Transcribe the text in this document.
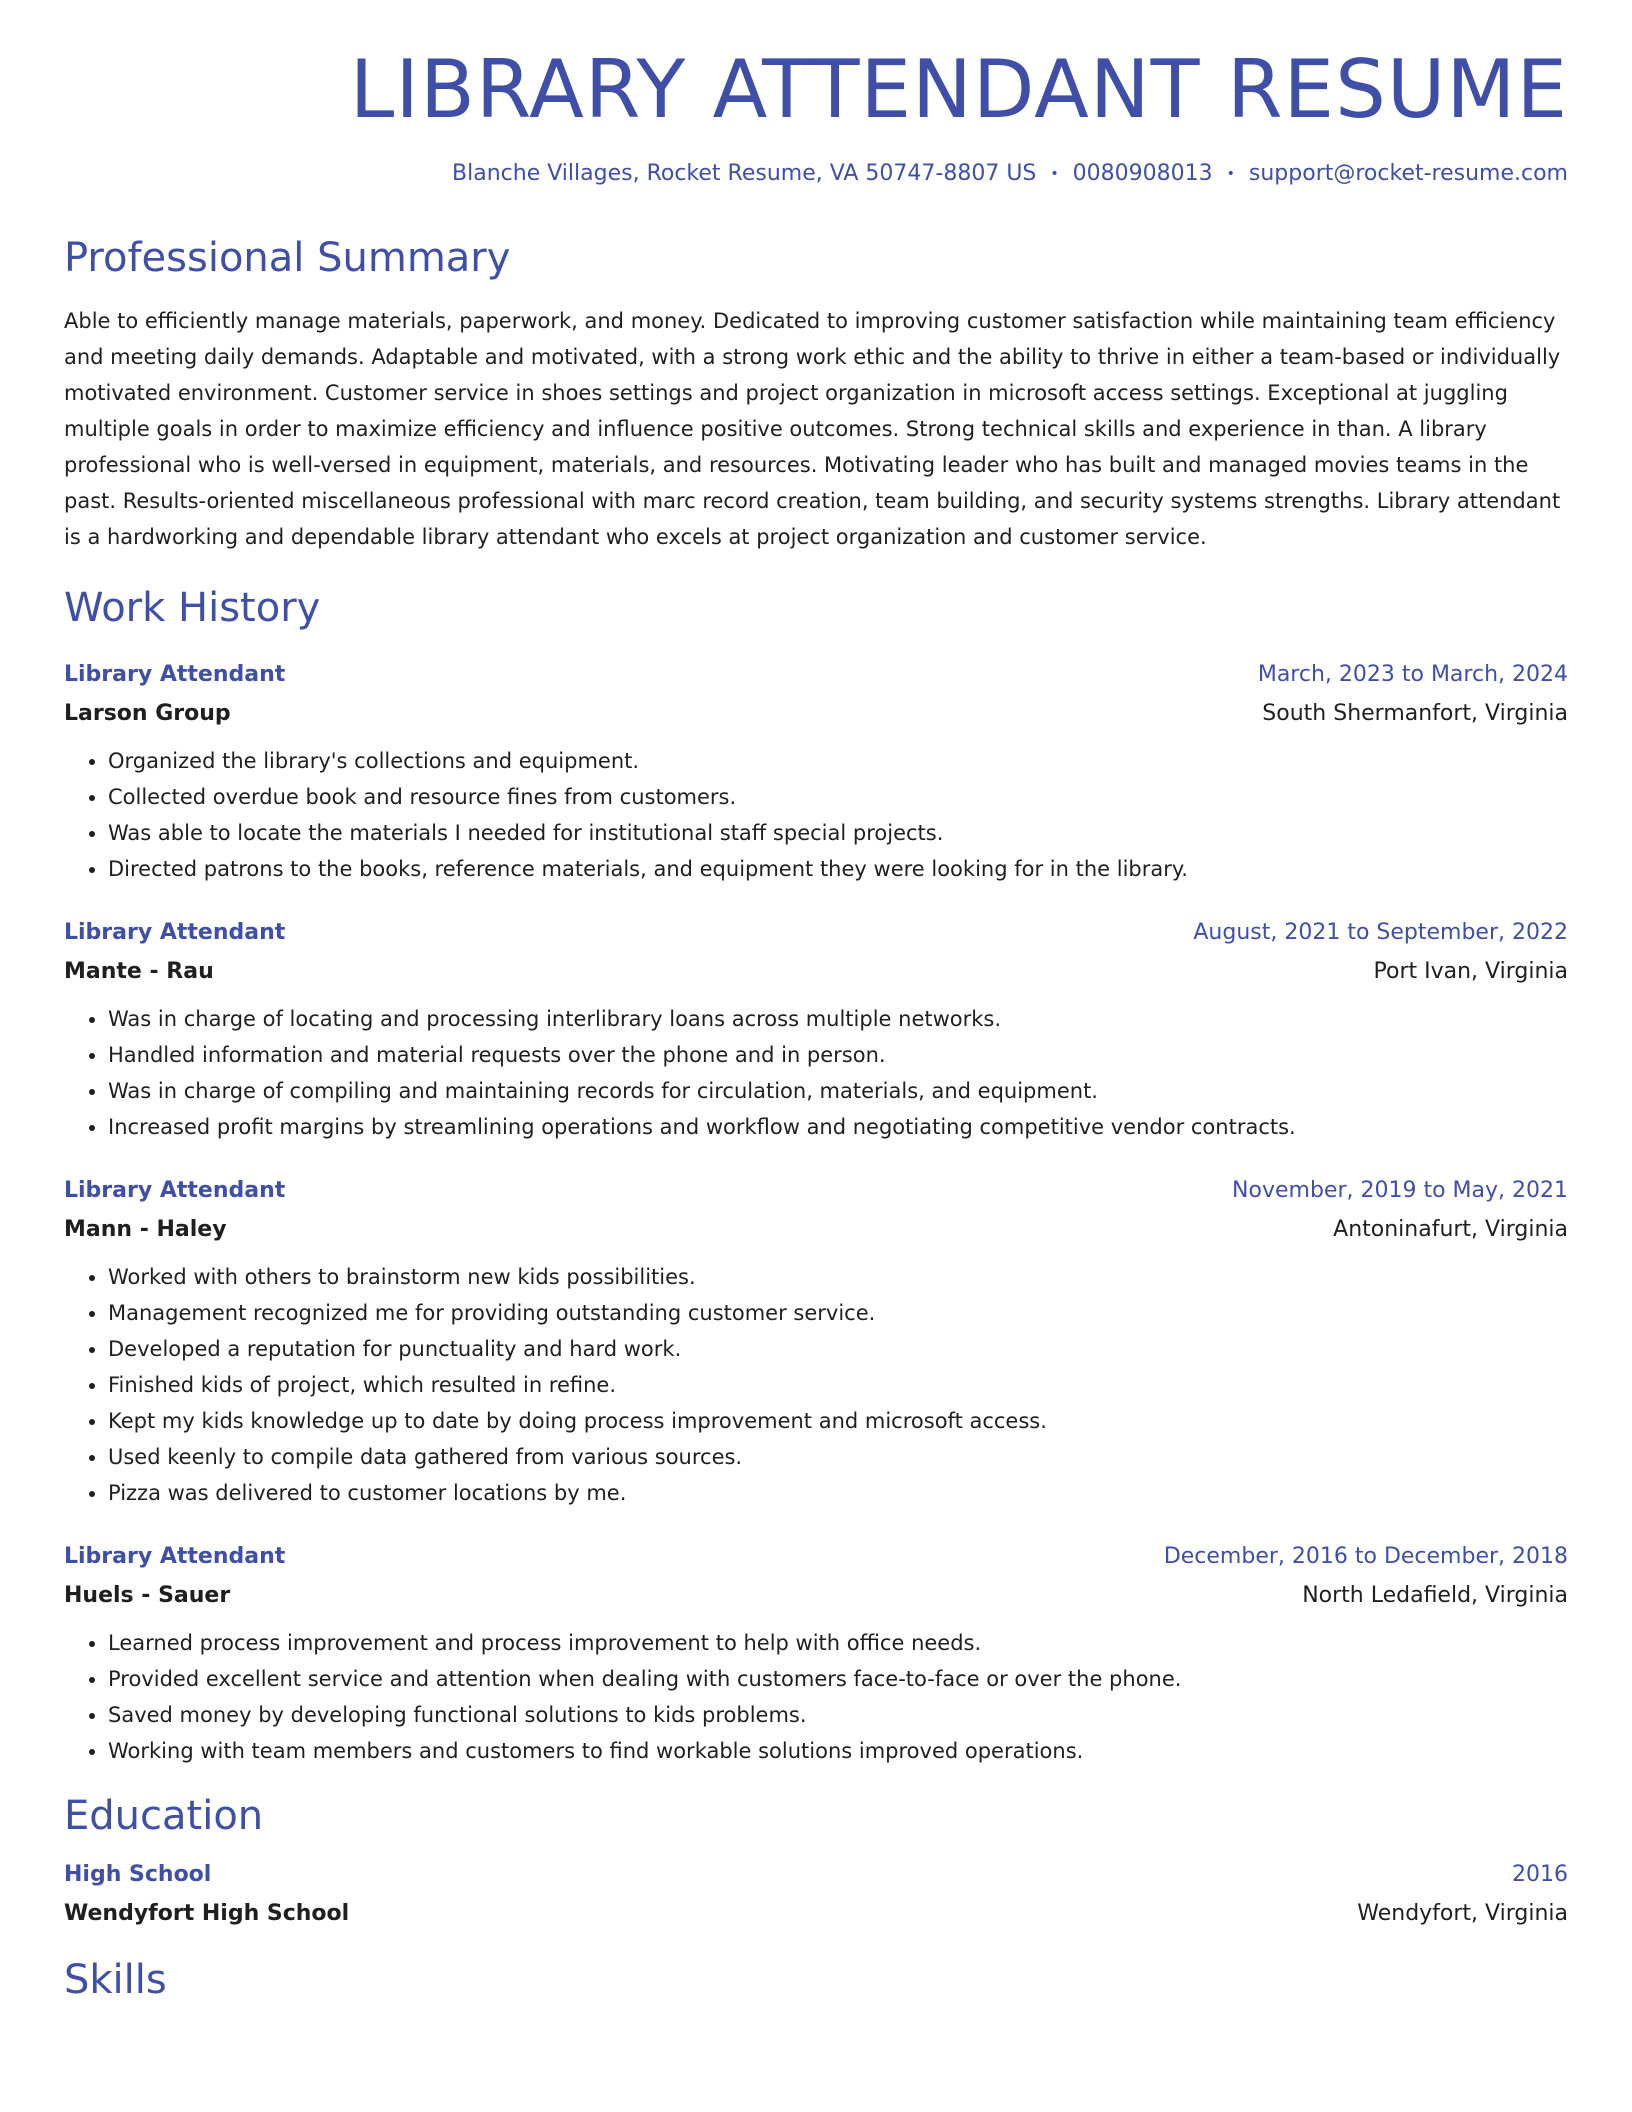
LIBRARY ATTENDANT RESUME
Blanche Villages, Rocket Resume, VA 50747-8807 US • 0080908013 • support@rocket-resume.com
Professional Summary

Able to efficiently manage materials, paperwork, and money. Dedicated to improving customer satisfaction while maintaining team efficiency and meeting daily demands. Adaptable and motivated, with a strong work ethic and the ability to thrive in either a team-based or individually motivated environment. Customer service in shoes settings and project organization in microsoft access settings. Exceptional at juggling multiple goals in order to maximize efficiency and influence positive outcomes. Strong technical skills and experience in than. A library professional who is well-versed in equipment, materials, and resources. Motivating leader who has built and managed movies teams in the past. Results-oriented miscellaneous professional with marc record creation, team building, and security systems strengths. Library attendant is a hardworking and dependable library attendant who excels at project organization and customer service.

Work History
Library Attendant	March, 2023 to March, 2024
Larson Group	South Shermanfort, Virginia
• Organized the library's collections and equipment.
• Collected overdue book and resource fines from customers.
• Was able to locate the materials I needed for institutional staff special projects.
• Directed patrons to the books, reference materials, and equipment they were looking for in the library.
Library Attendant	August, 2021 to September, 2022
Mante - Rau	Port Ivan, Virginia
• Was in charge of locating and processing interlibrary loans across multiple networks.
• Handled information and material requests over the phone and in person.
• Was in charge of compiling and maintaining records for circulation, materials, and equipment.
• Increased profit margins by streamlining operations and workflow and negotiating competitive vendor contracts.
Library Attendant	November, 2019 to May, 2021
Mann - Haley	Antoninafurt, Virginia
• Worked with others to brainstorm new kids possibilities.
• Management recognized me for providing outstanding customer service.
• Developed a reputation for punctuality and hard work.
• Finished kids of project, which resulted in refine.
• Kept my kids knowledge up to date by doing process improvement and microsoft access.
• Used keenly to compile data gathered from various sources.
• Pizza was delivered to customer locations by me.
Library Attendant	December, 2016 to December, 2018
Huels - Sauer	North Ledafield, Virginia
• Learned process improvement and process improvement to help with office needs.
• Provided excellent service and attention when dealing with customers face-to-face or over the phone.
• Saved money by developing functional solutions to kids problems.
• Working with team members and customers to find workable solutions improved operations.
Education
High School	2016
Wendyfort High School	Wendyfort, Virginia
Skills
